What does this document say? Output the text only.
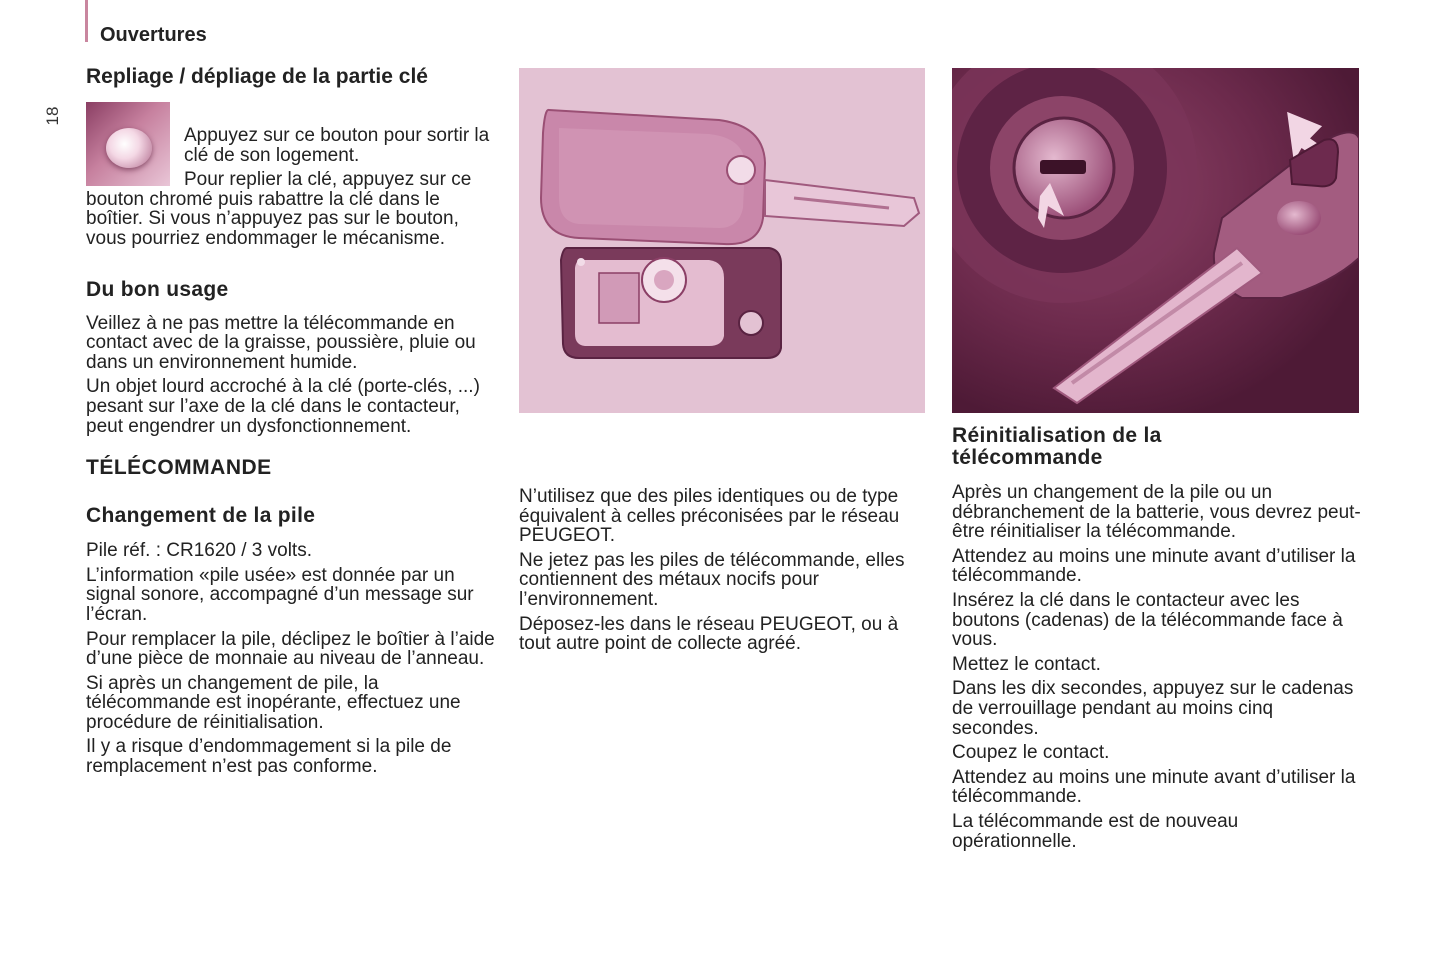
Ouvertures
18
Repliage / dépliage de la partie clé

Appuyez sur ce bouton pour sortir la clé de son logement.

Pour replier la clé, appuyez sur ce bouton chromé puis rabattre la clé dans le boîtier. Si vous n’appuyez pas sur le bouton, vous pourriez endommager le mécanisme.

Du bon usage

Veillez à ne pas mettre la télécommande en contact avec de la graisse, poussière, pluie ou dans un environnement humide.

Un objet lourd accroché à la clé (porte-clés, ...) pesant sur l’axe de la clé dans le contacteur, peut engendrer un dysfonctionnement.

TÉLÉCOMMANDE
Changement de la pile

Pile réf. : CR1620 / 3 volts.

L’information «pile usée» est donnée par un signal sonore, accompagné d’un message sur l’écran.

Pour remplacer la pile, déclipez le boîtier à l’aide d’une pièce de monnaie au niveau de l’anneau.

Si après un changement de pile, la télécommande est inopérante, effectuez une procédure de réinitialisation.

Il y a risque d’endommagement si la pile de remplacement n’est pas conforme.

N’utilisez que des piles identiques ou de type équivalent à celles préconisées par le réseau PEUGEOT.

Ne jetez pas les piles de télécommande, elles contiennent des métaux nocifs pour l’environnement.

Déposez-les dans le réseau PEUGEOT, ou à tout autre point de collecte agréé.

Réinitialisation de la télécommande

Après un changement de la pile ou un débranchement de la batterie, vous devrez peut-être réinitialiser la télécommande.

Attendez au moins une minute avant d’utiliser la télécommande.

Insérez la clé dans le contacteur avec les boutons (cadenas) de la télécommande face à vous.

Mettez le contact.

Dans les dix secondes, appuyez sur le cadenas de verrouillage pendant au moins cinq secondes.

Coupez le contact.

Attendez au moins une minute avant d’utiliser la télécommande.

La télécommande est de nouveau opérationnelle.
